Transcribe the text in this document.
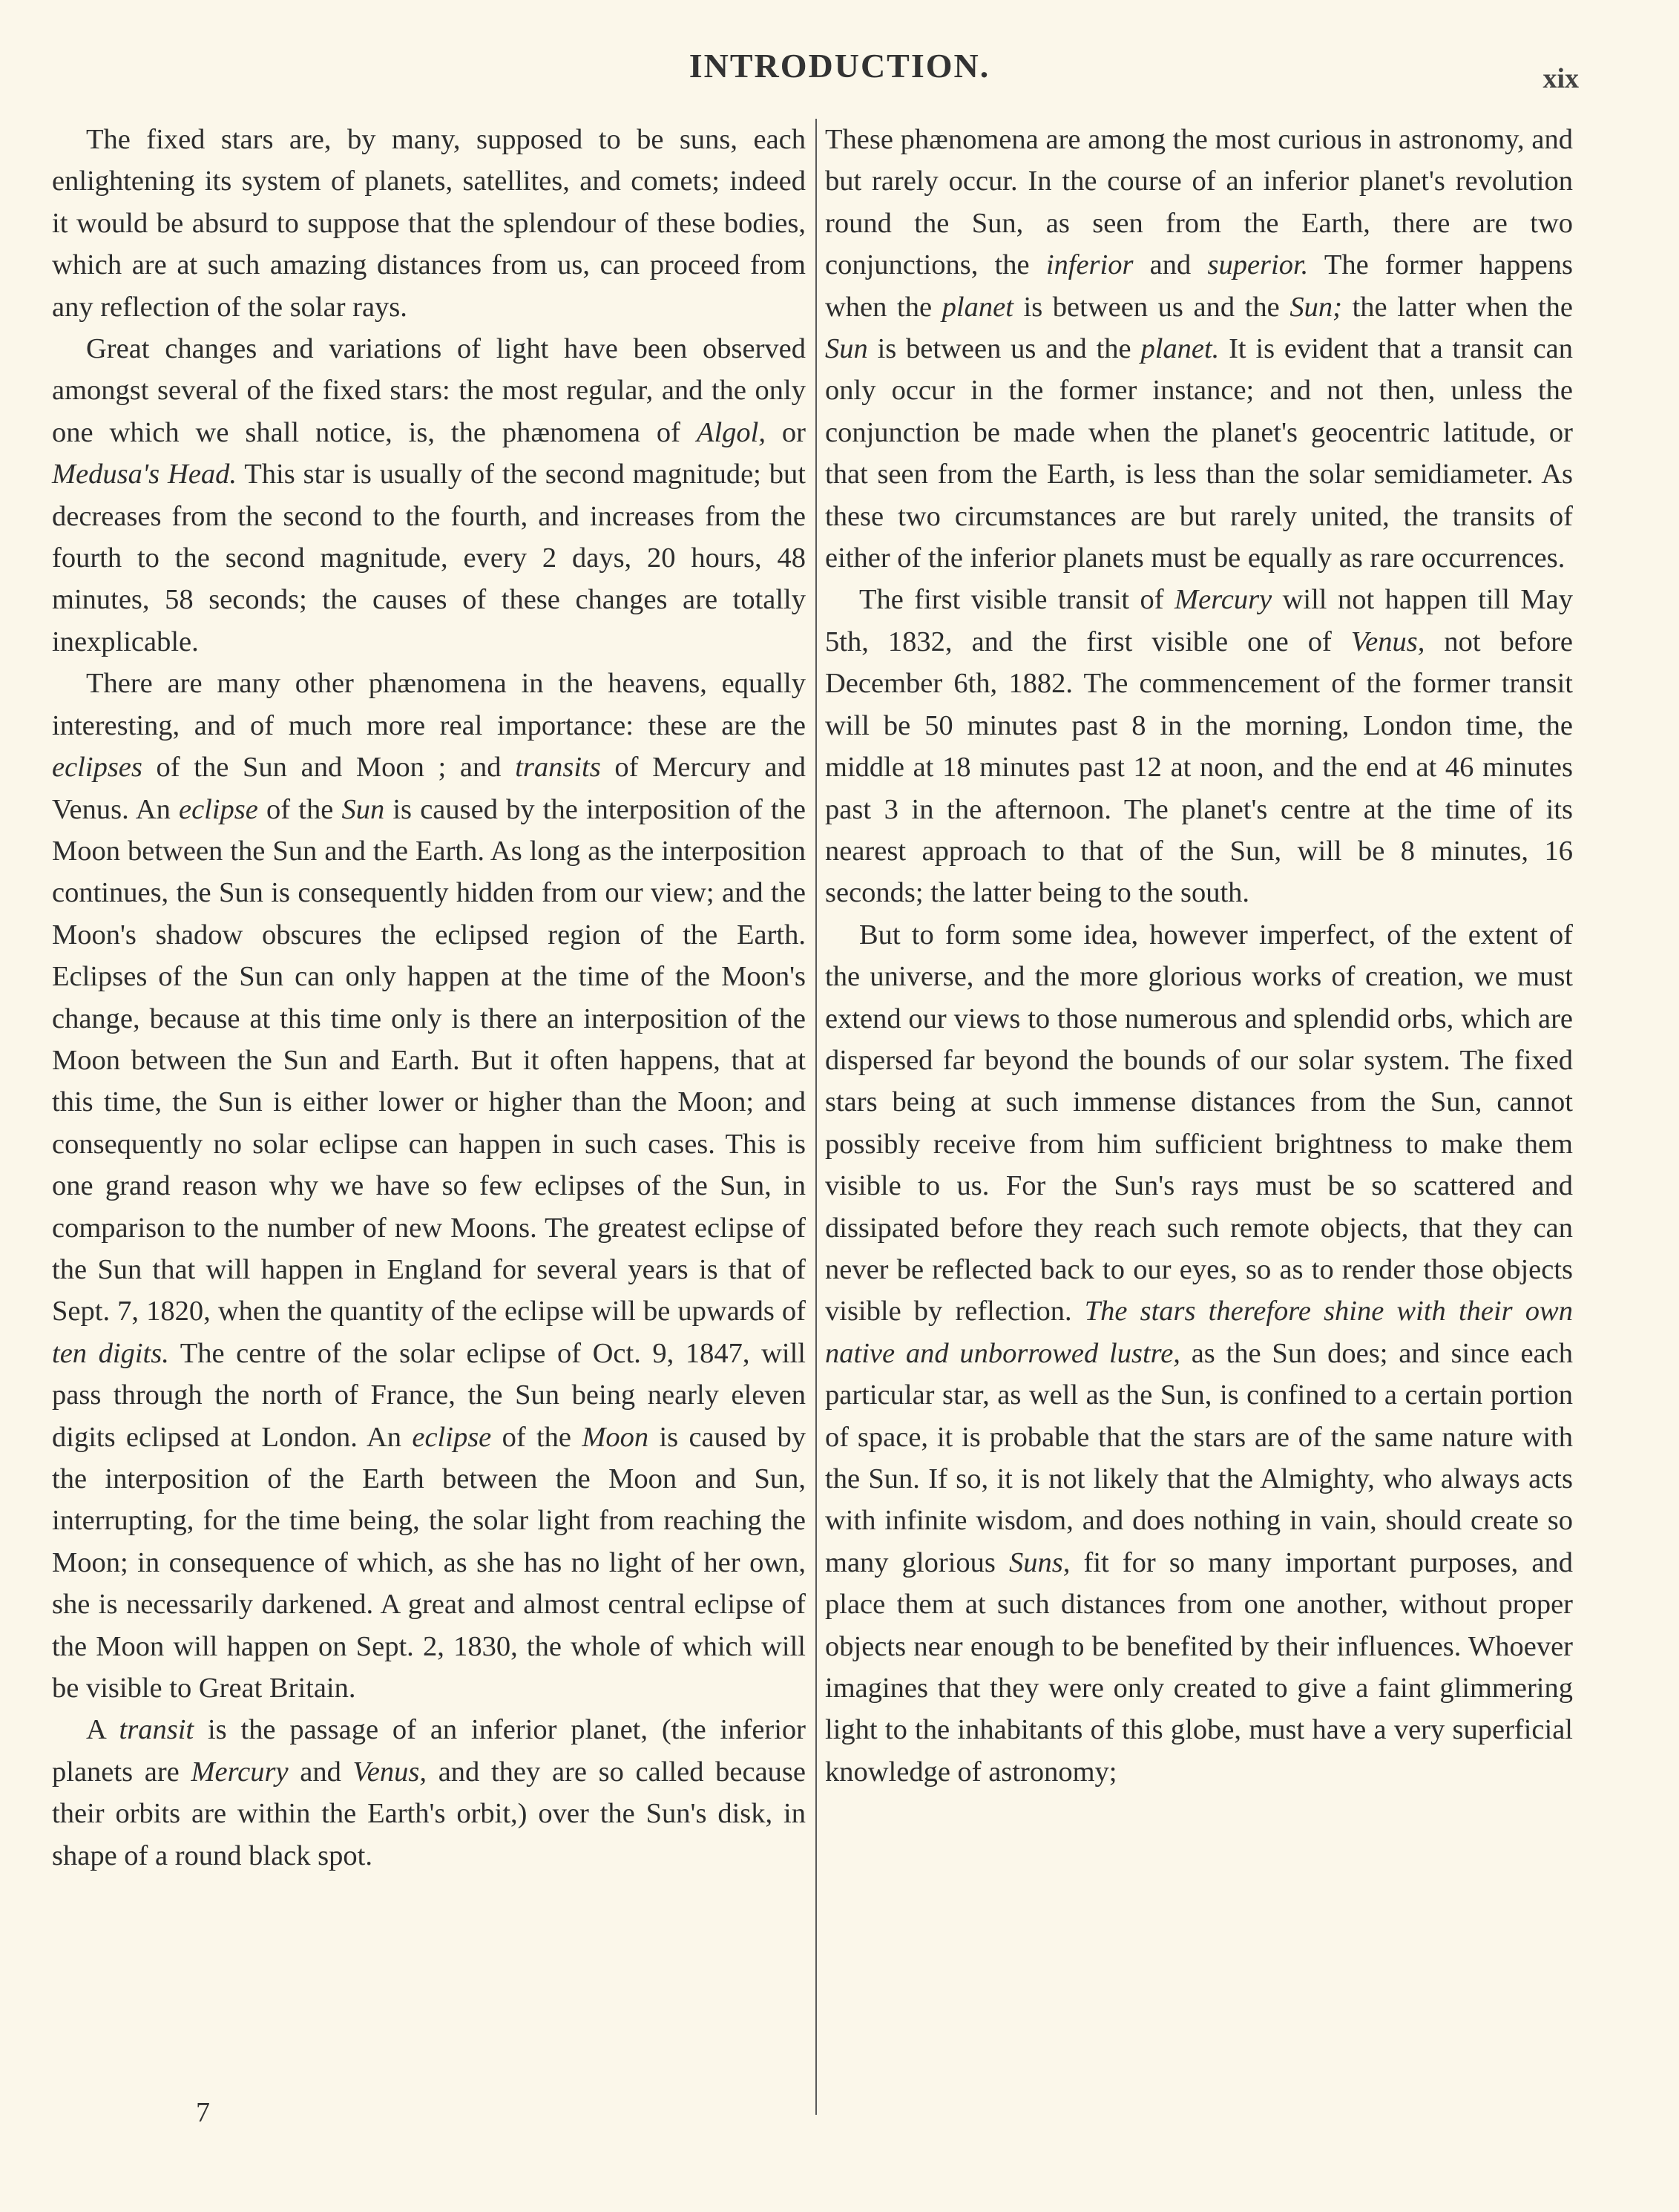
INTRODUCTION.	xix

The fixed stars are, by many, supposed to be suns, each enlightening its system of planets, satellites, and comets; indeed it would be absurd to suppose that the splendour of these bodies, which are at such amazing distances from us, can proceed from any reflection of the solar rays.

Great changes and variations of light have been observed amongst several of the fixed stars: the most regular, and the only one which we shall notice, is, the phænomena of Algol, or Medusa's Head. This star is usually of the second magnitude; but decreases from the second to the fourth, and increases from the fourth to the second magnitude, every 2 days, 20 hours, 48 minutes, 58 seconds; the causes of these changes are totally inexplicable.

There are many other phænomena in the heavens, equally interesting, and of much more real importance: these are the eclipses of the Sun and Moon ; and transits of Mercury and Venus. An eclipse of the Sun is caused by the interposition of the Moon between the Sun and the Earth. As long as the interposition continues, the Sun is consequently hidden from our view; and the Moon's shadow obscures the eclipsed region of the Earth. Eclipses of the Sun can only happen at the time of the Moon's change, because at this time only is there an interposition of the Moon between the Sun and Earth. But it often happens, that at this time, the Sun is either lower or higher than the Moon; and consequently no solar eclipse can happen in such cases. This is one grand reason why we have so few eclipses of the Sun, in comparison to the number of new Moons. The greatest eclipse of the Sun that will happen in England for several years is that of Sept. 7, 1820, when the quantity of the eclipse will be upwards of ten digits. The centre of the solar eclipse of Oct. 9, 1847, will pass through the north of France, the Sun being nearly eleven digits eclipsed at London. An eclipse of the Moon is caused by the interposition of the Earth between the Moon and Sun, interrupting, for the time being, the solar light from reaching the Moon; in consequence of which, as she has no light of her own, she is necessarily darkened. A great and almost central eclipse of the Moon will happen on Sept. 2, 1830, the whole of which will be visible to Great Britain.

A transit is the passage of an inferior planet, (the inferior planets are Mercury and Venus, and they are so called because their orbits are within the Earth's orbit,) over the Sun's disk, in shape of a round black spot.

These phænomena are among the most curious in astronomy, and but rarely occur. In the course of an inferior planet's revolution round the Sun, as seen from the Earth, there are two conjunctions, the inferior and superior. The former happens when the planet is between us and the Sun; the latter when the Sun is between us and the planet. It is evident that a transit can only occur in the former instance; and not then, unless the conjunction be made when the planet's geocentric latitude, or that seen from the Earth, is less than the solar semidiameter. As these two circumstances are but rarely united, the transits of either of the inferior planets must be equally as rare occurrences.

The first visible transit of Mercury will not happen till May 5th, 1832, and the first visible one of Venus, not before December 6th, 1882. The commencement of the former transit will be 50 minutes past 8 in the morning, London time, the middle at 18 minutes past 12 at noon, and the end at 46 minutes past 3 in the afternoon. The planet's centre at the time of its nearest approach to that of the Sun, will be 8 minutes, 16 seconds; the latter being to the south.

But to form some idea, however imperfect, of the extent of the universe, and the more glorious works of creation, we must extend our views to those numerous and splendid orbs, which are dispersed far beyond the bounds of our solar system. The fixed stars being at such immense distances from the Sun, cannot possibly receive from him sufficient brightness to make them visible to us. For the Sun's rays must be so scattered and dissipated before they reach such remote objects, that they can never be reflected back to our eyes, so as to render those objects visible by reflection. The stars therefore shine with their own native and unborrowed lustre, as the Sun does; and since each particular star, as well as the Sun, is confined to a certain portion of space, it is probable that the stars are of the same nature with the Sun. If so, it is not likely that the Almighty, who always acts with infinite wisdom, and does nothing in vain, should create so many glorious Suns, fit for so many important purposes, and place them at such distances from one another, without proper objects near enough to be benefited by their influences. Whoever imagines that they were only created to give a faint glimmering light to the inhabitants of this globe, must have a very superficial knowledge of astronomy;

7
